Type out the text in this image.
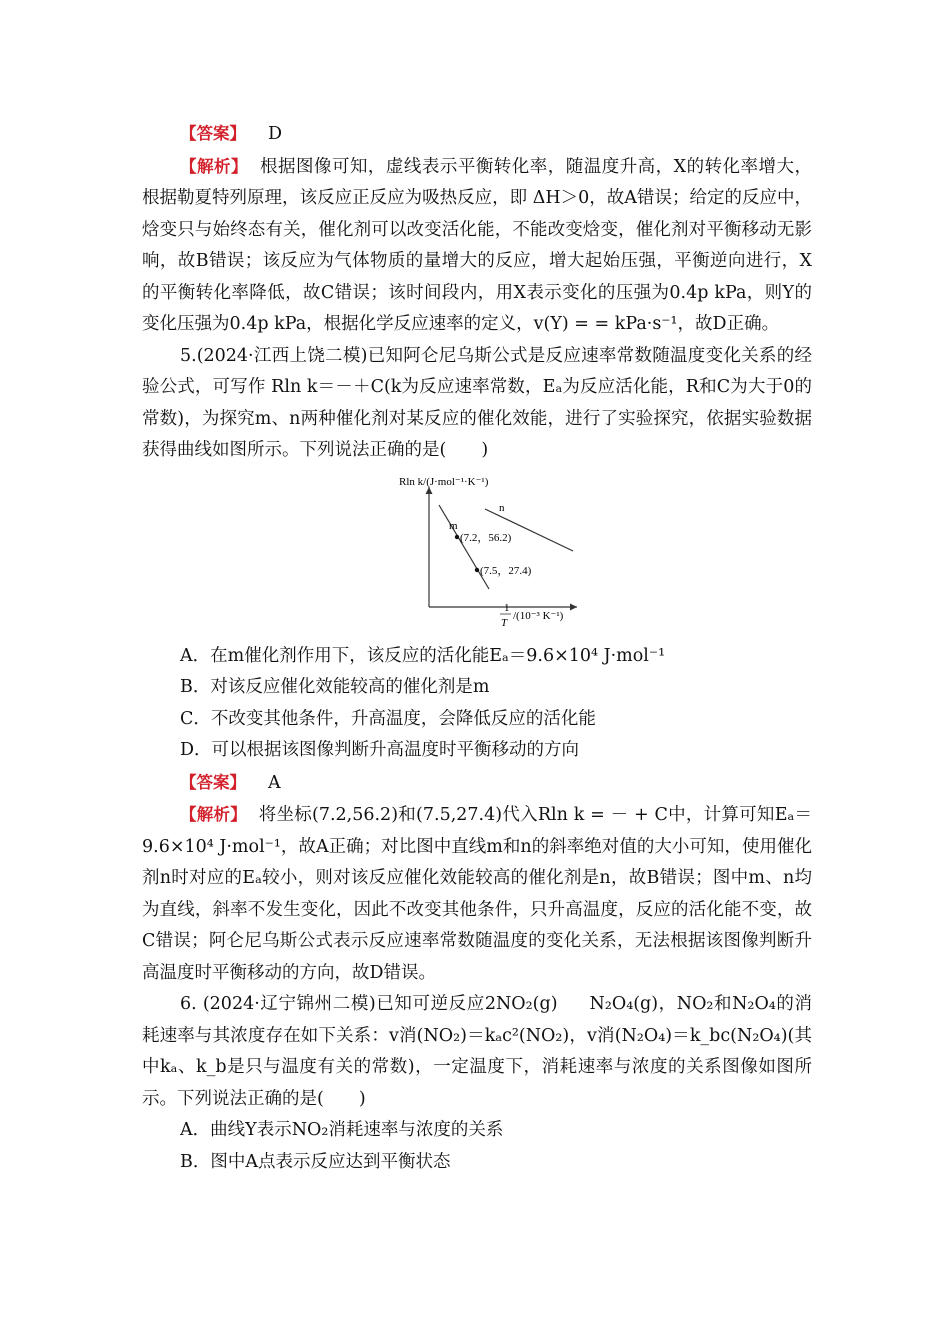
【答案】 D

【解析】 根据图像可知，虚线表示平衡转化率，随温度升高，X的转化率增大，根据勒夏特列原理，该反应正反应为吸热反应，即 ΔH＞0，故A错误；给定的反应中，焓变只与始终态有关，催化剂可以改变活化能，不能改变焓变，催化剂对平衡移动无影响，故B错误；该反应为气体物质的量增大的反应，增大起始压强，平衡逆向进行，X的平衡转化率降低，故C错误；该时间段内，用X表示变化的压强为0.4p kPa，则Y的变化压强为0.4p kPa，根据化学反应速率的定义，v(Y) = = kPa·s⁻¹，故D正确。

5.(2024·江西上饶二模)已知阿仑尼乌斯公式是反应速率常数随温度变化关系的经验公式，可写作 Rln k＝－＋C(k为反应速率常数，Eₐ为反应活化能，R和C为大于0的常数)，为探究m、n两种催化剂对某反应的催化效能，进行了实验探究，依据实验数据获得曲线如图所示。下列说法正确的是(　　)

Rln k/(J·mol⁻¹·K⁻¹)
1
T
/(10⁻³ K⁻¹)
m
n
(7.2，56.2)
(7.5，27.4)

A．在m催化剂作用下，该反应的活化能Eₐ＝9.6×10⁴ J·mol⁻¹

B．对该反应催化效能较高的催化剂是m

C．不改变其他条件，升高温度，会降低反应的活化能

D．可以根据该图像判断升高温度时平衡移动的方向

【答案】 A

【解析】 将坐标(7.2,56.2)和(7.5,27.4)代入Rln k = － + C中，计算可知Eₐ＝9.6×10⁴ J·mol⁻¹，故A正确；对比图中直线m和n的斜率绝对值的大小可知，使用催化剂n时对应的Eₐ较小，则对该反应催化效能较高的催化剂是n，故B错误；图中m、n均为直线，斜率不发生变化，因此不改变其他条件，只升高温度，反应的活化能不变，故C错误；阿仑尼乌斯公式表示反应速率常数随温度的变化关系，无法根据该图像判断升高温度时平衡移动的方向，故D错误。

6. (2024·辽宁锦州二模)已知可逆反应2NO₂(g) N₂O₄(g)，NO₂和N₂O₄的消耗速率与其浓度存在如下关系：v消(NO₂)＝kₐc²(NO₂)，v消(N₂O₄)＝k_bc(N₂O₄)(其中kₐ、k_b是只与温度有关的常数)，一定温度下，消耗速率与浓度的关系图像如图所示。下列说法正确的是(　　)

A．曲线Y表示NO₂消耗速率与浓度的关系

B．图中A点表示反应达到平衡状态
